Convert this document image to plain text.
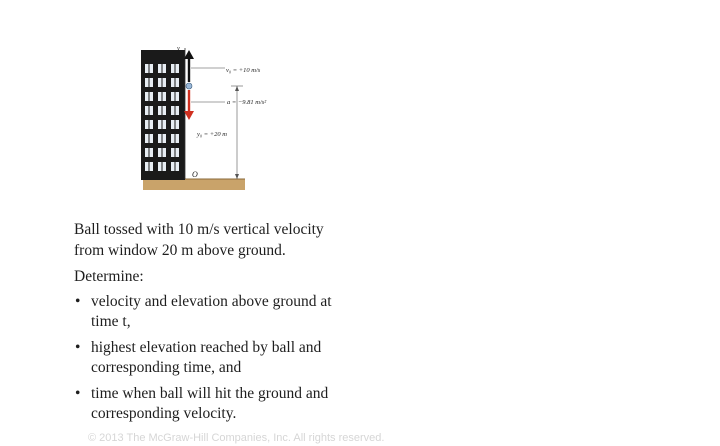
v₀ = +10 m/s
a = −9.81 m/s²
y₀ = +20 m
y
O
Ball tossed with 10 m/s vertical velocity
from window 20 m above ground.
Determine:
• velocity and elevation above ground at
time t,
• highest elevation reached by ball and
corresponding time, and
• time when ball will hit the ground and
corresponding velocity.
© 2013 The McGraw-Hill Companies, Inc. All rights reserved.
